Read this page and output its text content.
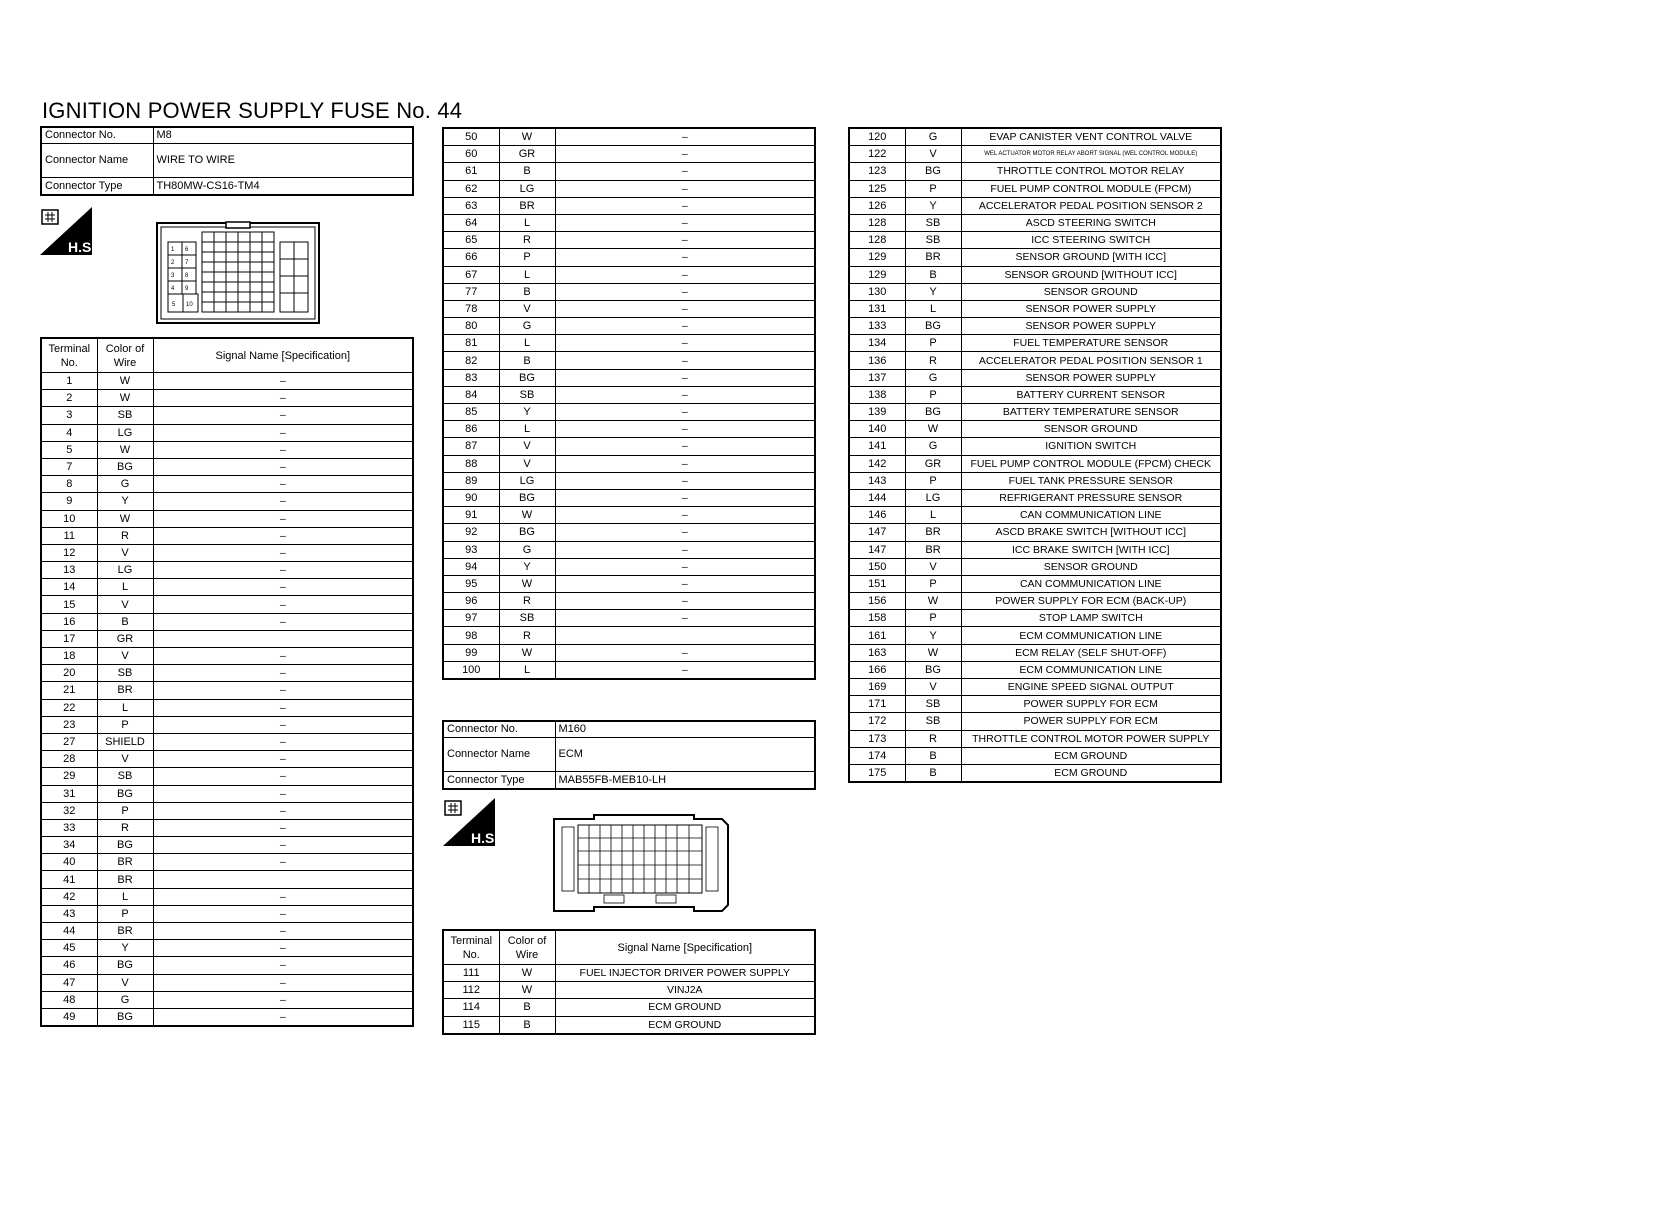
IGNITION POWER SUPPLY FUSE No. 44
Connector No.	M8
Connector Name	WIRE TO WIRE
Connector Type	TH80MW-CS16-TM4
H.S.	1 6
2 7
3 8
4 9
5 10
Terminal No.	Color of Wire	Signal Name [Specification]
1	W	–
2	W	–
3	SB	–
4	LG	–
5	W	–
7	BG	–
8	G	–
9	Y	–
10	W	–
11	R	–
12	V	–
13	LG	–
14	L	–
15	V	–
16	B	–
17	GR	
18	V	–
20	SB	–
21	BR	–
22	L	–
23	P	–
27	SHIELD	–
28	V	–
29	SB	–
31	BG	–
32	P	–
33	R	–
34	BG	–
40	BR	–
41	BR	
42	L	–
43	P	–
44	BR	–
45	Y	–
46	BG	–
47	V	–
48	G	–
49	BG	–
50	W	–
60	GR	–
61	B	–
62	LG	–
63	BR	–
64	L	–
65	R	–
66	P	–
67	L	–
77	B	–
78	V	–
80	G	–
81	L	–
82	B	–
83	BG	–
84	SB	–
85	Y	–
86	L	–
87	V	–
88	V	–
89	LG	–
90	BG	–
91	W	–
92	BG	–
93	G	–
94	Y	–
95	W	–
96	R	–
97	SB	–
98	R	
99	W	–
100	L	–
Connector No.	M160
Connector Name	ECM
Connector Type	MAB55FB-MEB10-LH
H.S.
Terminal No.	Color of Wire	Signal Name [Specification]
111	W	FUEL INJECTOR DRIVER POWER SUPPLY
112	W	VINJ2A
114	B	ECM GROUND
115	B	ECM GROUND
120	G	EVAP CANISTER VENT CONTROL VALVE
122	V	WEL ACTUATOR MOTOR RELAY ABORT SIGNAL (WEL CONTROL MODULE)
123	BG	THROTTLE CONTROL MOTOR RELAY
125	P	FUEL PUMP CONTROL MODULE (FPCM)
126	Y	ACCELERATOR PEDAL POSITION SENSOR 2
128	SB	ASCD STEERING SWITCH
128	SB	ICC STEERING SWITCH
129	BR	SENSOR GROUND [WITH ICC]
129	B	SENSOR GROUND [WITHOUT ICC]
130	Y	SENSOR GROUND
131	L	SENSOR POWER SUPPLY
133	BG	SENSOR POWER SUPPLY
134	P	FUEL TEMPERATURE SENSOR
136	R	ACCELERATOR PEDAL POSITION SENSOR 1
137	G	SENSOR POWER SUPPLY
138	P	BATTERY CURRENT SENSOR
139	BG	BATTERY TEMPERATURE SENSOR
140	W	SENSOR GROUND
141	G	IGNITION SWITCH
142	GR	FUEL PUMP CONTROL MODULE (FPCM) CHECK
143	P	FUEL TANK PRESSURE SENSOR
144	LG	REFRIGERANT PRESSURE SENSOR
146	L	CAN COMMUNICATION LINE
147	BR	ASCD BRAKE SWITCH [WITHOUT ICC]
147	BR	ICC BRAKE SWITCH [WITH ICC]
150	V	SENSOR GROUND
151	P	CAN COMMUNICATION LINE
156	W	POWER SUPPLY FOR ECM (BACK-UP)
158	P	STOP LAMP SWITCH
161	Y	ECM COMMUNICATION LINE
163	W	ECM RELAY (SELF SHUT-OFF)
166	BG	ECM COMMUNICATION LINE
169	V	ENGINE SPEED SIGNAL OUTPUT
171	SB	POWER SUPPLY FOR ECM
172	SB	POWER SUPPLY FOR ECM
173	R	THROTTLE CONTROL MOTOR POWER SUPPLY
174	B	ECM GROUND
175	B	ECM GROUND
